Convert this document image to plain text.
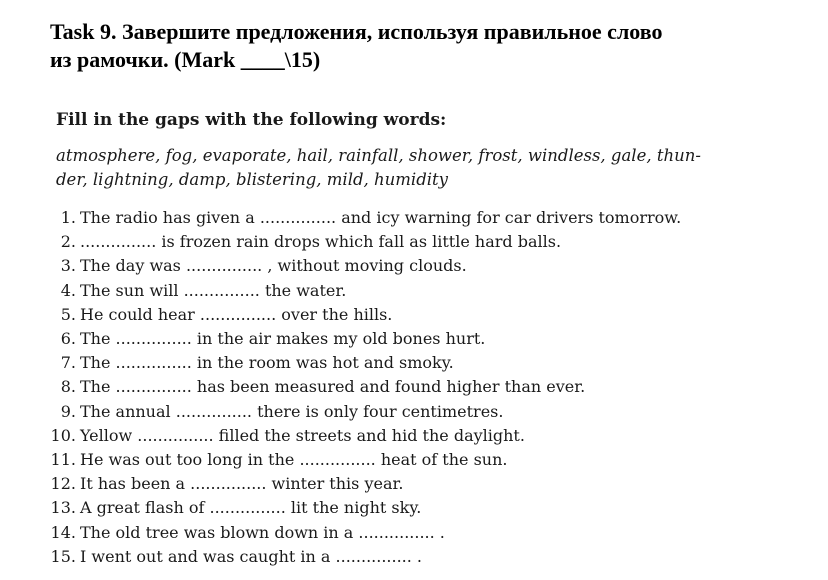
Task 9. Завершите предложения, используя правильное слово
из рамочки. (Mark ____\15)
Fill in the gaps with the following words:
atmosphere, fog, evaporate, hail, rainfall, shower, frost, windless, gale, thun-
der, lightning, damp, blistering, mild, humidity
1. The radio has given a ............... and icy warning for car drivers tomorrow.
2. ............... is frozen rain drops which fall as little hard balls.
3. The day was ............... , without moving clouds.
4. The sun will ............... the water.
5. He could hear ............... over the hills.
6. The ............... in the air makes my old bones hurt.
7. The ............... in the room was hot and smoky.
8. The ............... has been measured and found higher than ever.
9. The annual ............... there is only four centimetres.
10. Yellow ............... filled the streets and hid the daylight.
11. He was out too long in the ............... heat of the sun.
12. It has been a ............... winter this year.
13. A great flash of ............... lit the night sky.
14. The old tree was blown down in a ............... .
15. I went out and was caught in a ............... .
